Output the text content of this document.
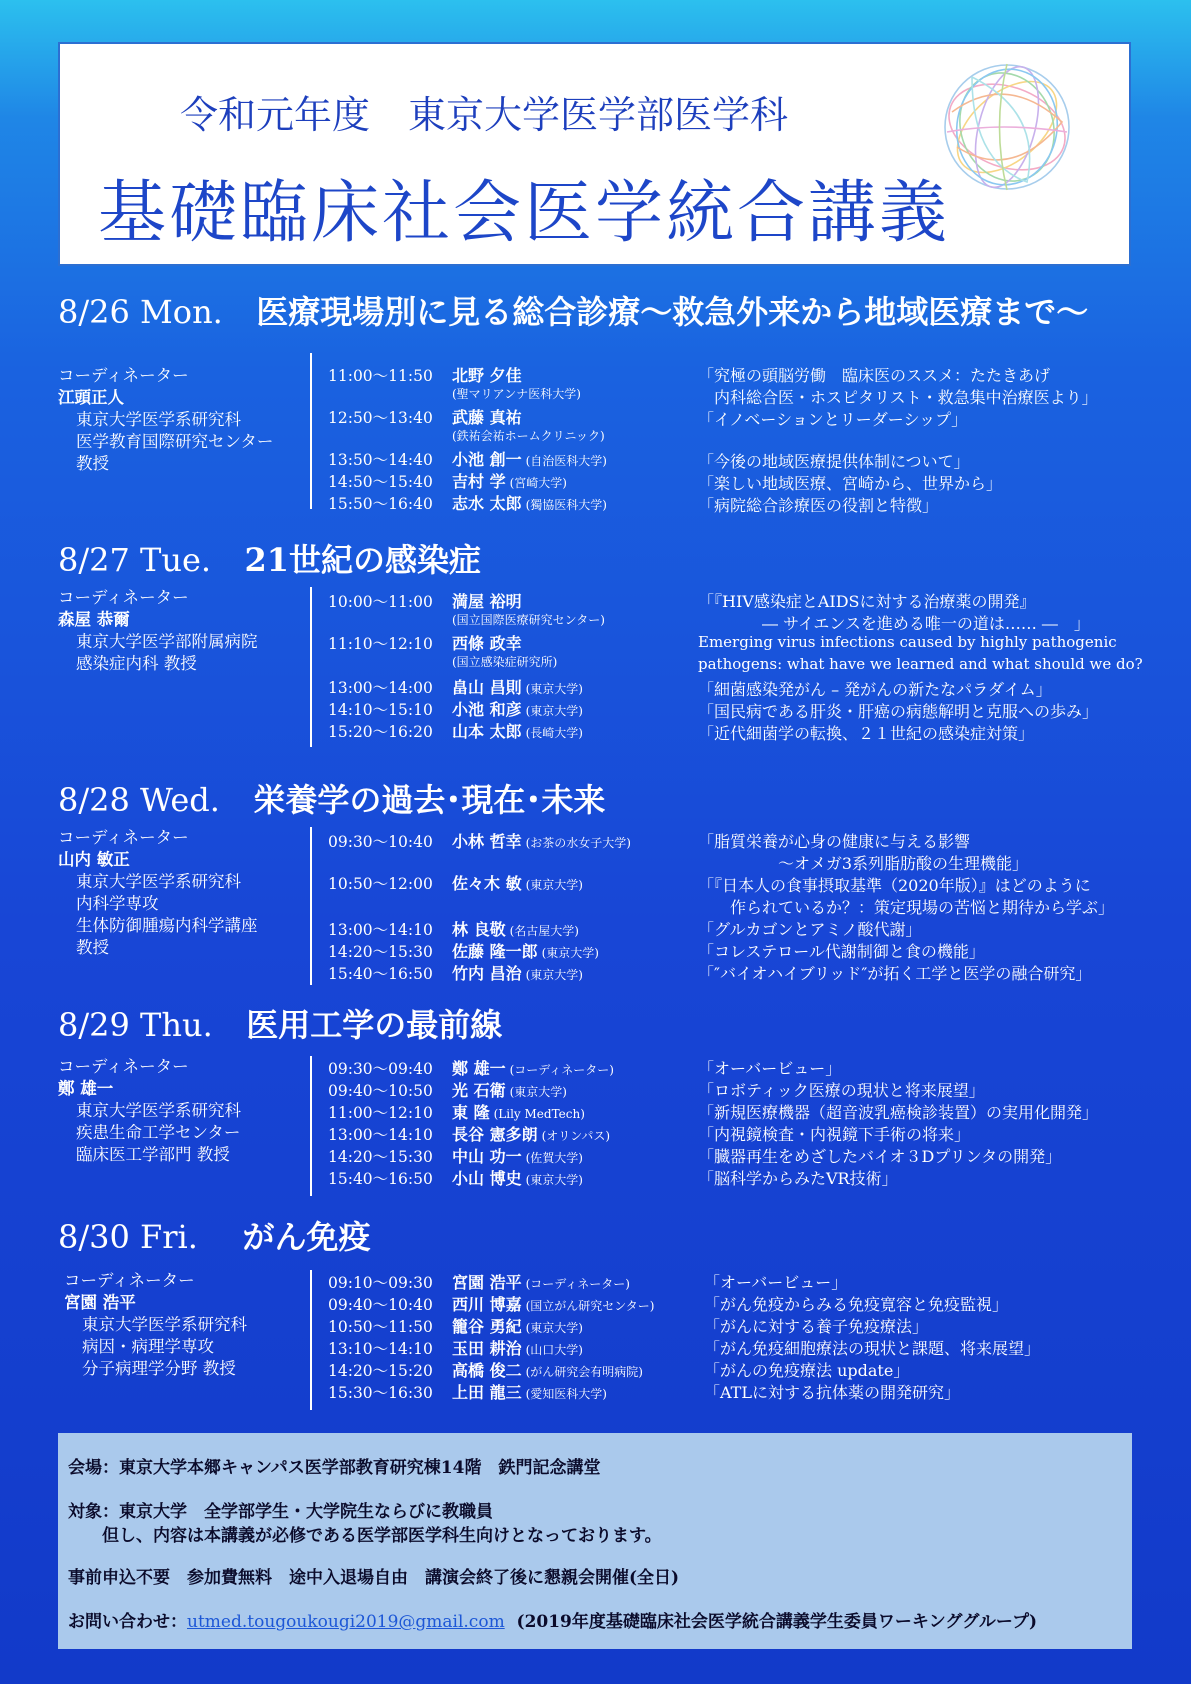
令和元年度　東京大学医学部医学科
基礎臨床社会医学統合講義
8/26 Mon. 医療現場別に見る総合診療～救急外来から地域医療まで～
コーディネーター
江頭正人
東京大学医学系研究科
医学教育国際研究センター
教授
11:00～11:50 北野 夕佳
(聖マリアンナ医科大学)
12:50～13:40 武藤 真祐
(鉄祐会祐ホームクリニック)
13:50～14:40 小池 創一 (自治医科大学)
14:50～15:40 吉村 学 (宮崎大学)
15:50～16:40 志水 太郎 (獨協医科大学)
「究極の頭脳労働　臨床医のススメ：たたきあげ
　内科総合医・ホスピタリスト・救急集中治療医より」
「イノベーションとリーダーシップ」
「今後の地域医療提供体制について」
「楽しい地域医療、宮崎から、世界から」
「病院総合診療医の役割と特徴」
8/27 Tue. 21世紀の感染症
コーディネーター
森屋 恭爾
東京大学医学部附属病院
感染症内科 教授
10:00～11:00 満屋 裕明
(国立国際医療研究センター)
11:10～12:10 西條 政幸
(国立感染症研究所)
13:00～14:00 畠山 昌則 (東京大学)
14:10～15:10 小池 和彦 (東京大学)
15:20～16:20 山本 太郎 (長崎大学)
「『HIV感染症とAIDSに対する治療薬の開発』
　　　　― サイエンスを進める唯一の道は…… ―　」
Emerging virus infections caused by highly pathogenic
pathogens: what have we learned and what should we do?
「細菌感染発がん – 発がんの新たなパラダイム」
「国民病である肝炎・肝癌の病態解明と克服への歩み」
「近代細菌学の転換、２１世紀の感染症対策」
8/28 Wed. 栄養学の過去･現在･未来
コーディネーター
山内 敏正
東京大学医学系研究科
内科学専攻
生体防御腫瘍内科学講座
教授
09:30～10:40 小林 哲幸 (お茶の水女子大学)
10:50～12:00 佐々木 敏 (東京大学)
13:00～14:10 林 良敬 (名古屋大学)
14:20～15:30 佐藤 隆一郎 (東京大学)
15:40～16:50 竹内 昌治 (東京大学)
「脂質栄養が心身の健康に与える影響
　　　　　～オメガ3系列脂肪酸の生理機能」
「『日本人の食事摂取基準（2020年版）』はどのように
　　作られているか？：策定現場の苦悩と期待から学ぶ」
「グルカゴンとアミノ酸代謝」
「コレステロール代謝制御と食の機能」
「″バイオハイブリッド″が拓く工学と医学の融合研究」
8/29 Thu. 医用工学の最前線
コーディネーター
鄭 雄一
東京大学医学系研究科
疾患生命工学センター
臨床医工学部門 教授
09:30～09:40 鄭 雄一 (コーディネーター)
09:40～10:50 光 石衛 (東京大学)
11:00～12:10 東 隆 (Lily MedTech)
13:00～14:10 長谷 憲多朗 (オリンパス)
14:20～15:30 中山 功一 (佐賀大学)
15:40～16:50 小山 博史 (東京大学)
「オーバービュー」
「ロボティック医療の現状と将来展望」
「新規医療機器（超音波乳癌検診装置）の実用化開発」
「内視鏡検査・内視鏡下手術の将来」
「臓器再生をめざしたバイオ３Dプリンタの開発」
「脳科学からみたVR技術」
8/30 Fri. がん免疫
コーディネーター
宮園 浩平
東京大学医学系研究科
病因・病理学専攻
分子病理学分野 教授
09:10～09:30 宮園 浩平 (コーディネーター)
09:40～10:40 西川 博嘉 (国立がん研究センター)
10:50～11:50 籠谷 勇紀 (東京大学)
13:10～14:10 玉田 耕治 (山口大学)
14:20～15:20 高橋 俊二 (がん研究会有明病院)
15:30～16:30 上田 龍三 (愛知医科大学)
「オーバービュー」
「がん免疫からみる免疫寛容と免疫監視」
「がんに対する養子免疫療法」
「がん免疫細胞療法の現状と課題、将来展望」
「がんの免疫療法 update」
「ATLに対する抗体薬の開発研究」
会場：東京大学本郷キャンパス医学部教育研究棟14階　鉄門記念講堂
対象：東京大学　全学部学生・大学院生ならびに教職員
　　但し、内容は本講義が必修である医学部医学科生向けとなっております。
事前申込不要　参加費無料　途中入退場自由　講演会終了後に懇親会開催(全日)
お問い合わせ：utmed.tougoukougi2019@gmail.com (2019年度基礎臨床社会医学統合講義学生委員ワーキンググループ)
